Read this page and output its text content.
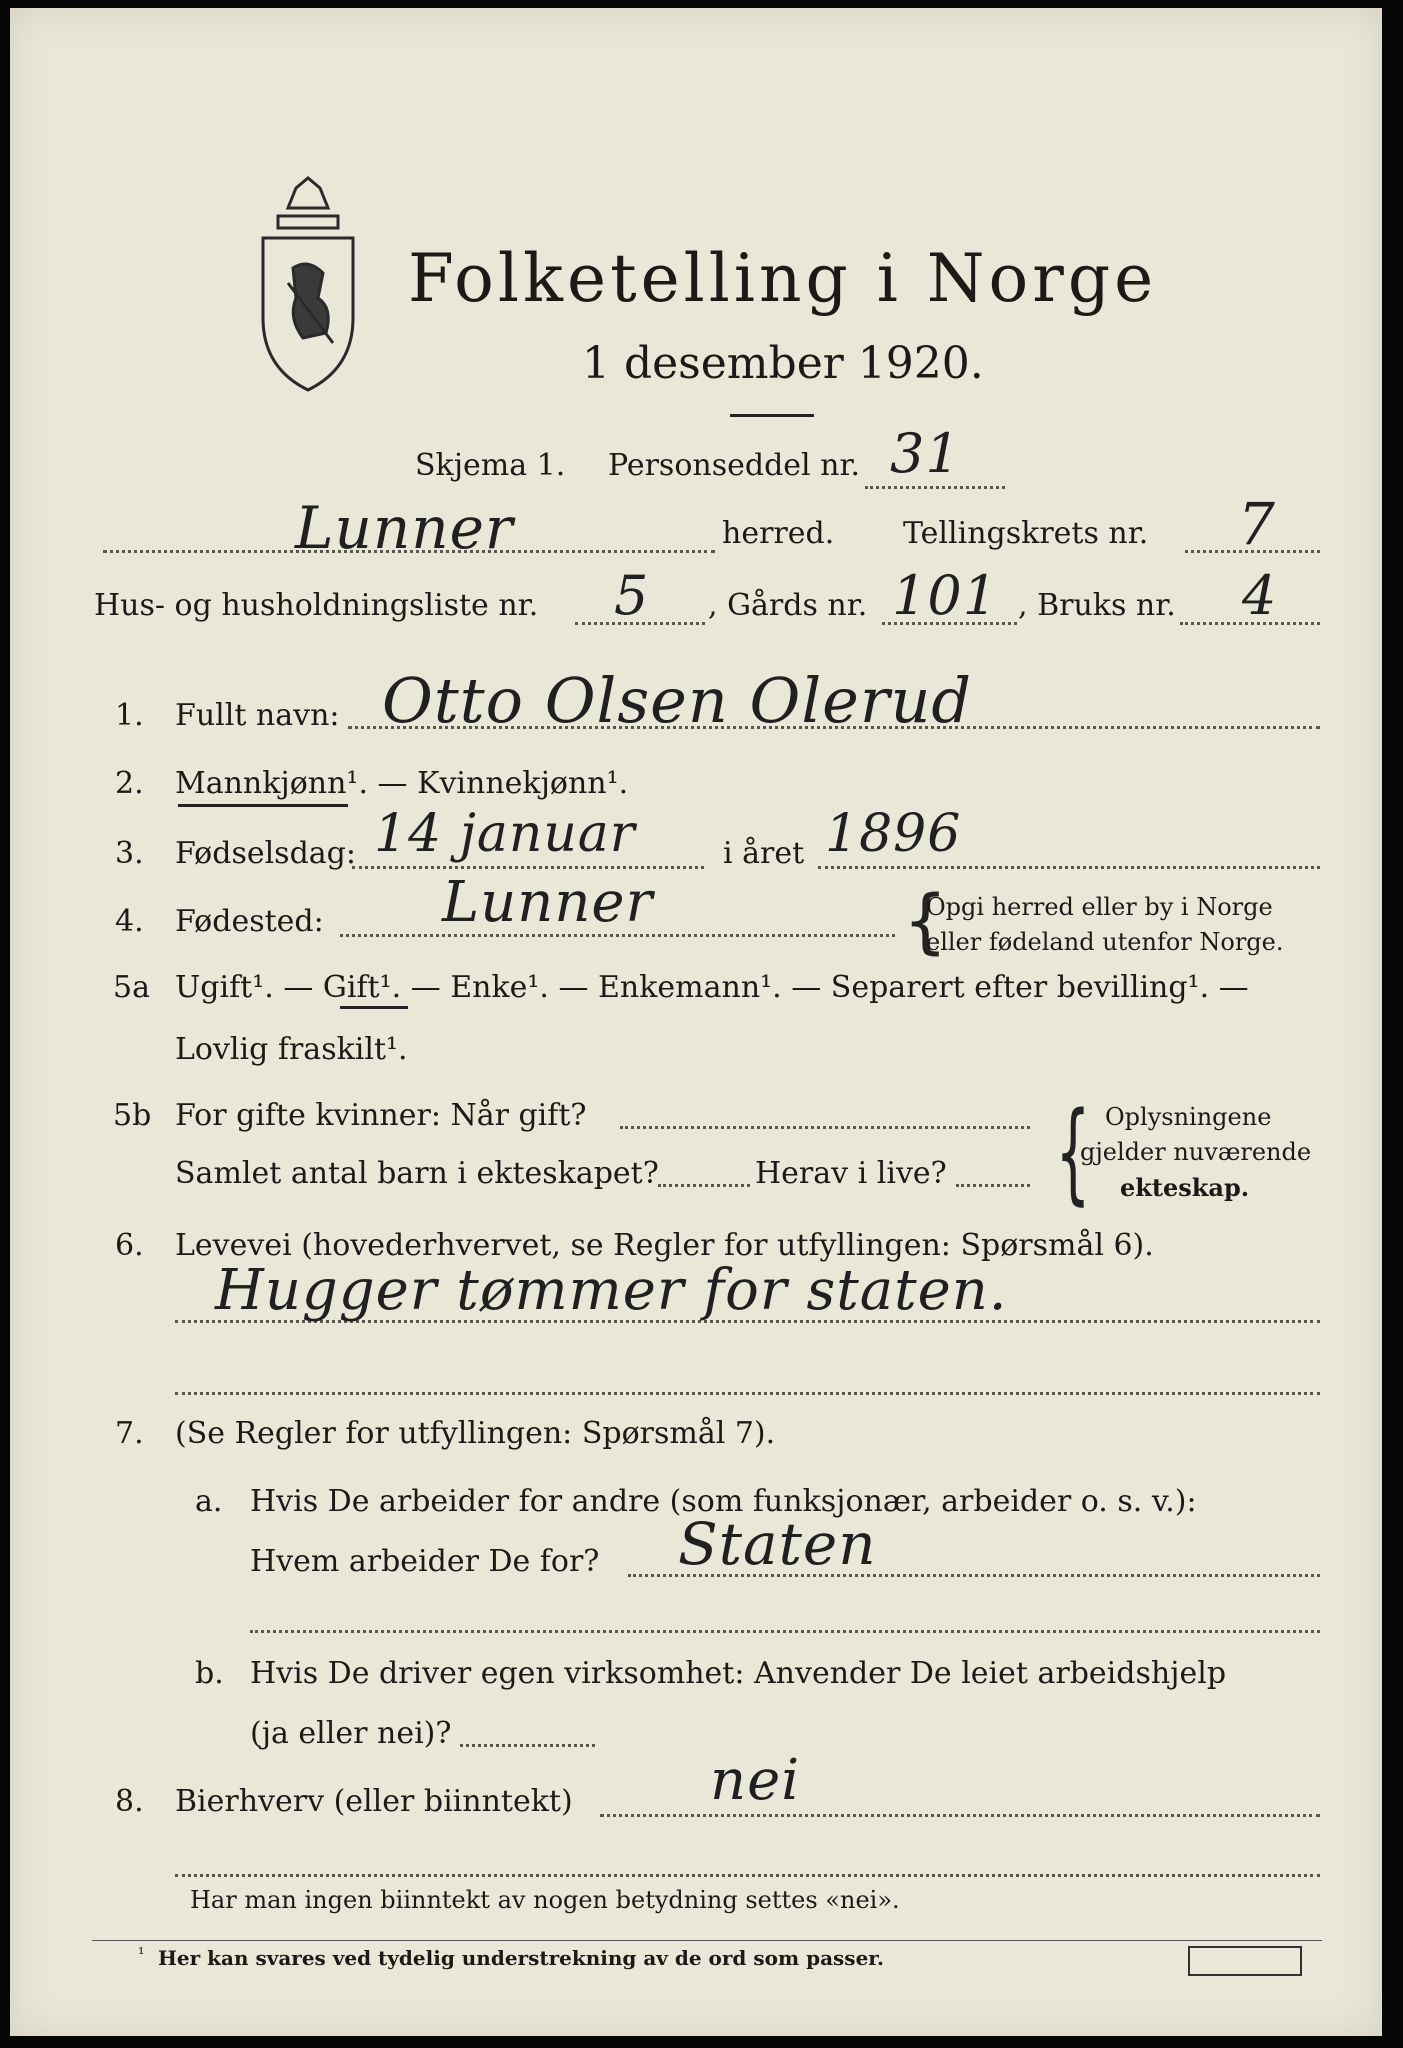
Folketelling i Norge
1 desember 1920.
Skjema 1. Personseddel nr. 31
Lunner	herred. Tellingskrets nr. 7
Hus- og husholdningsliste nr. 5 , Gårds nr. 101 , Bruks nr. 4
1. Fullt navn: Otto Olsen Olerud
2. Mannkjønn¹. — Kvinnekjønn¹.
3. Fødselsdag: 14 januar	i året 1896
4. Fødested: Lunner	{
Opgi herred eller by i Norge
eller fødeland utenfor Norge.
5a Ugift¹. — Gift¹. — Enke¹. — Enkemann¹. — Separert efter bevilling¹. —
Lovlig fraskilt¹.
5b For gifte kvinner: Når gift?
Samlet antal barn i ekteskapet?	Herav i live? { Oplysningene
gjelder nuværende
ekteskap.
6. Levevei (hovederhvervet, se Regler for utfyllingen: Spørsmål 6).
Hugger tømmer for staten.
7. (Se Regler for utfyllingen: Spørsmål 7).
a. Hvis De arbeider for andre (som funksjonær, arbeider o. s. v.):
Hvem arbeider De for? Staten
b. Hvis De driver egen virksomhet: Anvender De leiet arbeidshjelp
(ja eller nei)?
8. Bierhverv (eller biinntekt) nei
Har man ingen biinntekt av nogen betydning settes «nei».
¹ Her kan svares ved tydelig understrekning av de ord som passer.
